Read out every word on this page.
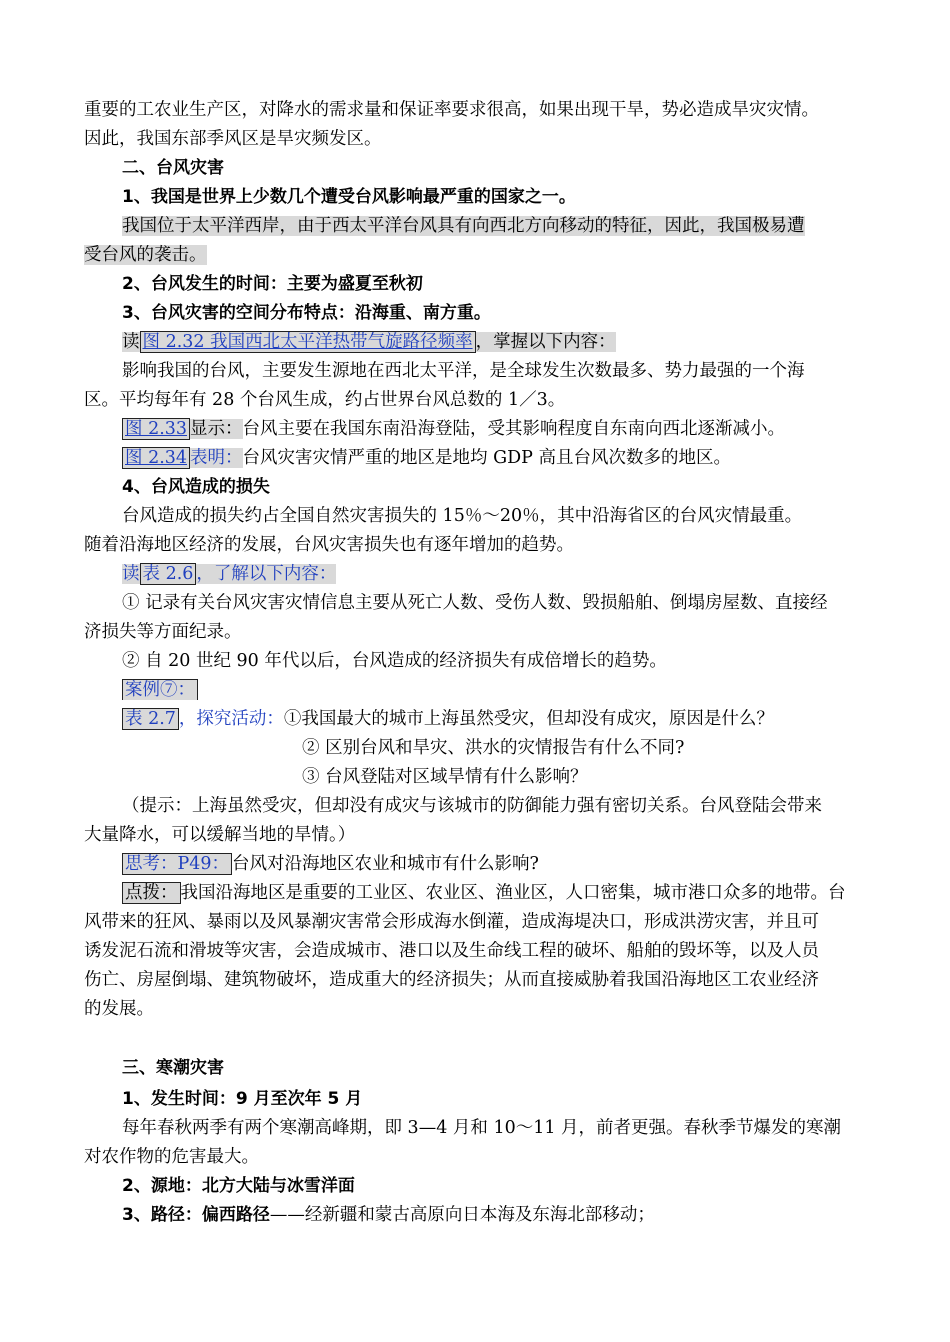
重要的工农业生产区，对降水的需求量和保证率要求很高，如果出现干旱，势必造成旱灾灾情。
因此，我国东部季风区是旱灾频发区。
二、台风灾害
1、我国是世界上少数几个遭受台风影响最严重的国家之一。
我国位于太平洋西岸，由于西太平洋台风具有向西北方向移动的特征，因此，我国极易遭
受台风的袭击。
2、台风发生的时间：主要为盛夏至秋初
3、台风灾害的空间分布特点：沿海重、南方重。
读 图 2.32 我国西北太平洋热带气旋路径频率 ，掌握以下内容：
影响我国的台风，主要发生源地在西北太平洋，是全球发生次数最多、势力最强的一个海
区。平均每年有 28 个台风生成，约占世界台风总数的 1／3。
图 2.33 显示：台风主要在我国东南沿海登陆，受其影响程度自东南向西北逐渐减小。
图 2.34 表明：台风灾害灾情严重的地区是地均 GDP 高且台风次数多的地区。
4、台风造成的损失
台风造成的损失约占全国自然灾害损失的 15％～20％，其中沿海省区的台风灾情最重。
随着沿海地区经济的发展，台风灾害损失也有逐年增加的趋势。
读 表 2.6 ，了解以下内容：
① 记录有关台风灾害灾情信息主要从死亡人数、受伤人数、毁损船舶、倒塌房屋数、直接经
济损失等方面纪录。
② 自 20 世纪 90 年代以后，台风造成的经济损失有成倍增长的趋势。
案例⑦：
表 2.7 ，探究活动：①我国最大的城市上海虽然受灾，但却没有成灾，原因是什么？
② 区别台风和旱灾、洪水的灾情报告有什么不同?
③ 台风登陆对区域旱情有什么影响？
（提示：上海虽然受灾，但却没有成灾与该城市的防御能力强有密切关系。台风登陆会带来
大量降水，可以缓解当地的旱情。）
思考：P49： 台风对沿海地区农业和城市有什么影响?
点拨： 我国沿海地区是重要的工业区、农业区、渔业区，人口密集，城市港口众多的地带。台
风带来的狂风、暴雨以及风暴潮灾害常会形成海水倒灌，造成海堤决口，形成洪涝灾害，并且可
诱发泥石流和滑坡等灾害，会造成城市、港口以及生命线工程的破坏、船舶的毁坏等，以及人员
伤亡、房屋倒塌、建筑物破坏，造成重大的经济损失；从而直接威胁着我国沿海地区工农业经济
的发展。
三、寒潮灾害
1、发生时间：9 月至次年 5 月
每年春秋两季有两个寒潮高峰期，即 3—4 月和 10～11 月，前者更强。春秋季节爆发的寒潮
对农作物的危害最大。
2、源地：北方大陆与冰雪洋面
3、路径：偏西路径——经新疆和蒙古高原向日本海及东海北部移动；
